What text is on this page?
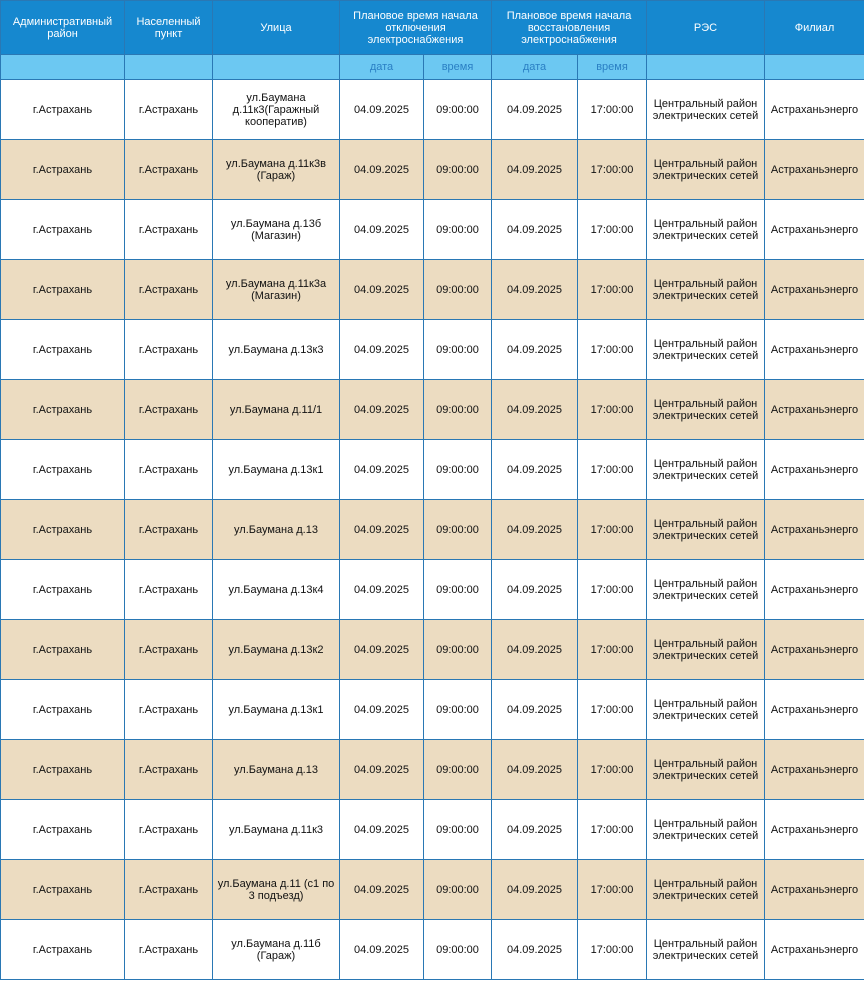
Административный район	Населенный пункт	Улица	Плановое время начала отключения электроснабжения		Плановое время начала восстановления электроснабжения		РЭС	Филиал
			дата	время	дата	время		
г.Астрахань	г.Астрахань	ул.Баумана д.11к3(Гаражный кооператив)	04.09.2025	09:00:00	04.09.2025	17:00:00	Центральный район электрических сетей	Астраханьэнерго
г.Астрахань	г.Астрахань	ул.Баумана д.11к3в (Гараж)	04.09.2025	09:00:00	04.09.2025	17:00:00	Центральный район электрических сетей	Астраханьэнерго
г.Астрахань	г.Астрахань	ул.Баумана д.13б (Магазин)	04.09.2025	09:00:00	04.09.2025	17:00:00	Центральный район электрических сетей	Астраханьэнерго
г.Астрахань	г.Астрахань	ул.Баумана д.11к3а (Магазин)	04.09.2025	09:00:00	04.09.2025	17:00:00	Центральный район электрических сетей	Астраханьэнерго
г.Астрахань	г.Астрахань	ул.Баумана д.13к3	04.09.2025	09:00:00	04.09.2025	17:00:00	Центральный район электрических сетей	Астраханьэнерго
г.Астрахань	г.Астрахань	ул.Баумана д.11/1	04.09.2025	09:00:00	04.09.2025	17:00:00	Центральный район электрических сетей	Астраханьэнерго
г.Астрахань	г.Астрахань	ул.Баумана д.13к1	04.09.2025	09:00:00	04.09.2025	17:00:00	Центральный район электрических сетей	Астраханьэнерго
г.Астрахань	г.Астрахань	ул.Баумана д.13	04.09.2025	09:00:00	04.09.2025	17:00:00	Центральный район электрических сетей	Астраханьэнерго
г.Астрахань	г.Астрахань	ул.Баумана д.13к4	04.09.2025	09:00:00	04.09.2025	17:00:00	Центральный район электрических сетей	Астраханьэнерго
г.Астрахань	г.Астрахань	ул.Баумана д.13к2	04.09.2025	09:00:00	04.09.2025	17:00:00	Центральный район электрических сетей	Астраханьэнерго
г.Астрахань	г.Астрахань	ул.Баумана д.13к1	04.09.2025	09:00:00	04.09.2025	17:00:00	Центральный район электрических сетей	Астраханьэнерго
г.Астрахань	г.Астрахань	ул.Баумана д.13	04.09.2025	09:00:00	04.09.2025	17:00:00	Центральный район электрических сетей	Астраханьэнерго
г.Астрахань	г.Астрахань	ул.Баумана д.11к3	04.09.2025	09:00:00	04.09.2025	17:00:00	Центральный район электрических сетей	Астраханьэнерго
г.Астрахань	г.Астрахань	ул.Баумана д.11 (с1 по 3 подъезд)	04.09.2025	09:00:00	04.09.2025	17:00:00	Центральный район электрических сетей	Астраханьэнерго
г.Астрахань	г.Астрахань	ул.Баумана д.11б (Гараж)	04.09.2025	09:00:00	04.09.2025	17:00:00	Центральный район электрических сетей	Астраханьэнерго
